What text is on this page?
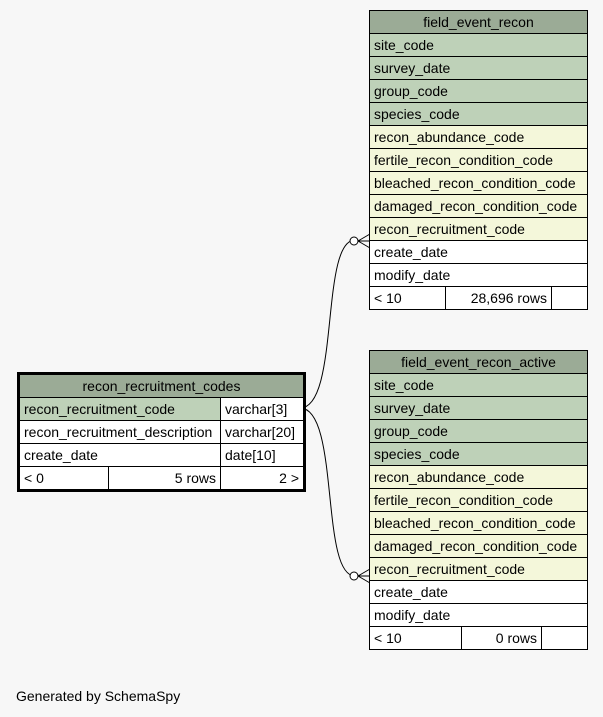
field_event_recon
site_code
survey_date
group_code
species_code
recon_abundance_code
fertile_recon_condition_code
bleached_recon_condition_code
damaged_recon_condition_code
recon_recruitment_code
create_date
modify_date
< 10	28,696 rows	
field_event_recon_active
site_code
survey_date
group_code
species_code
recon_abundance_code
fertile_recon_condition_code
bleached_recon_condition_code
damaged_recon_condition_code
recon_recruitment_code
create_date
modify_date
< 10	0 rows	
recon_recruitment_codes		
recon_recruitment_code		varchar[3]
recon_recruitment_description		varchar[20]
create_date		date[10]
< 0	5 rows	2 >
Generated by SchemaSpy
